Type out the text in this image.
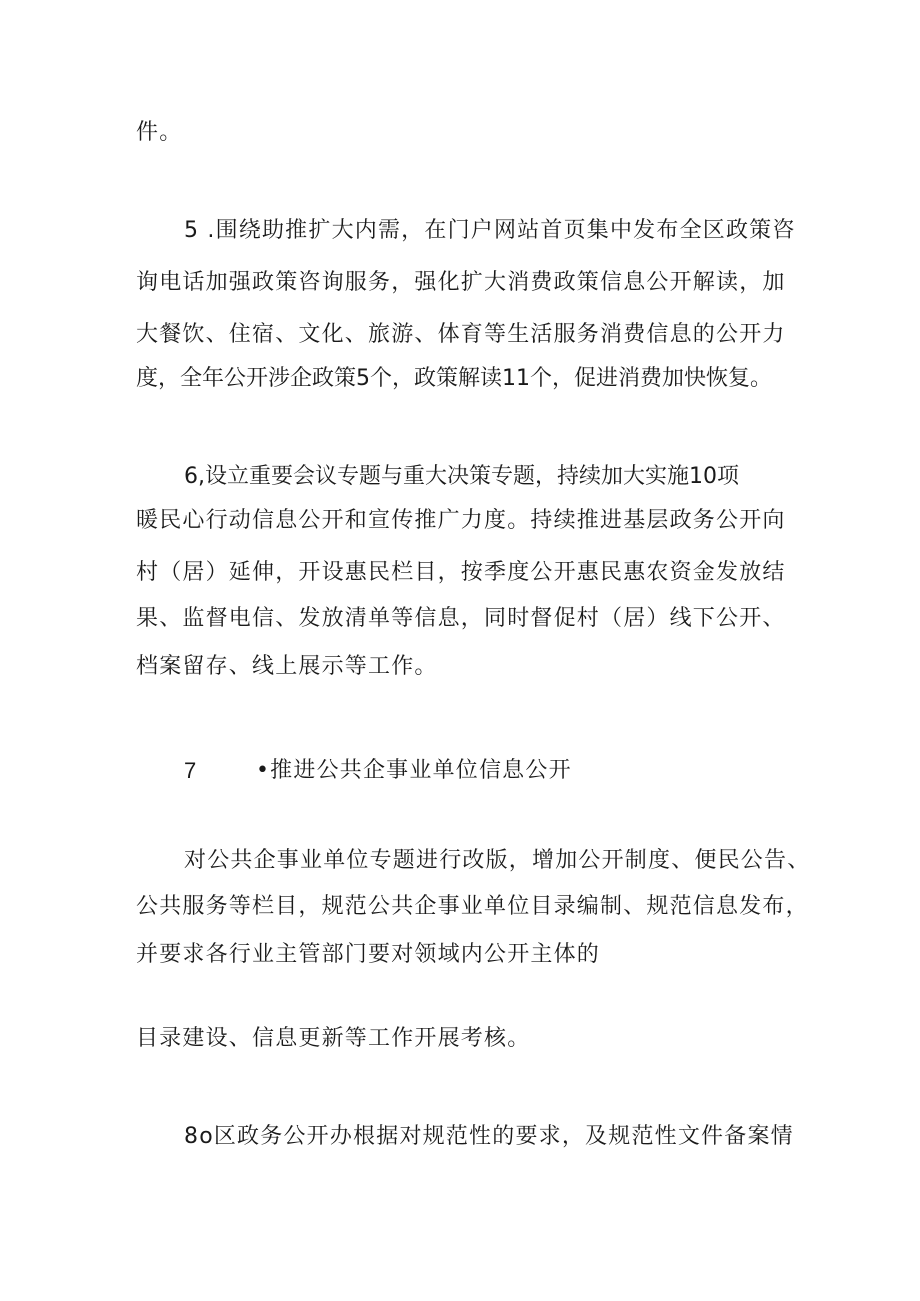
件。
5 .围绕助推扩大内需，在门户网站首页集中发布全区政策咨
询电话加强政策咨询服务，强化扩大消费政策信息公开解读，加
大餐饮、住宿、文化、旅游、体育等生活服务消费信息的公开力
度，全年公开涉企政策5个，政策解读11个，促进消费加快恢复。
6,设立重要会议专题与重大决策专题，持续加大实施10项
暖民心行动信息公开和宣传推广力度。持续推进基层政务公开向
村（居）延伸，开设惠民栏目，按季度公开惠民惠农资金发放结
果、监督电信、发放清单等信息，同时督促村（居）线下公开、
档案留存、线上展示等工作。
7	•推进公共企事业单位信息公开
对公共企事业单位专题进行改版，增加公开制度、便民公告、
公共服务等栏目，规范公共企事业单位目录编制、规范信息发布，
并要求各行业主管部门要对领域内公开主体的
目录建设、信息更新等工作开展考核。
8o区政务公开办根据对规范性的要求，及规范性文件备案情
